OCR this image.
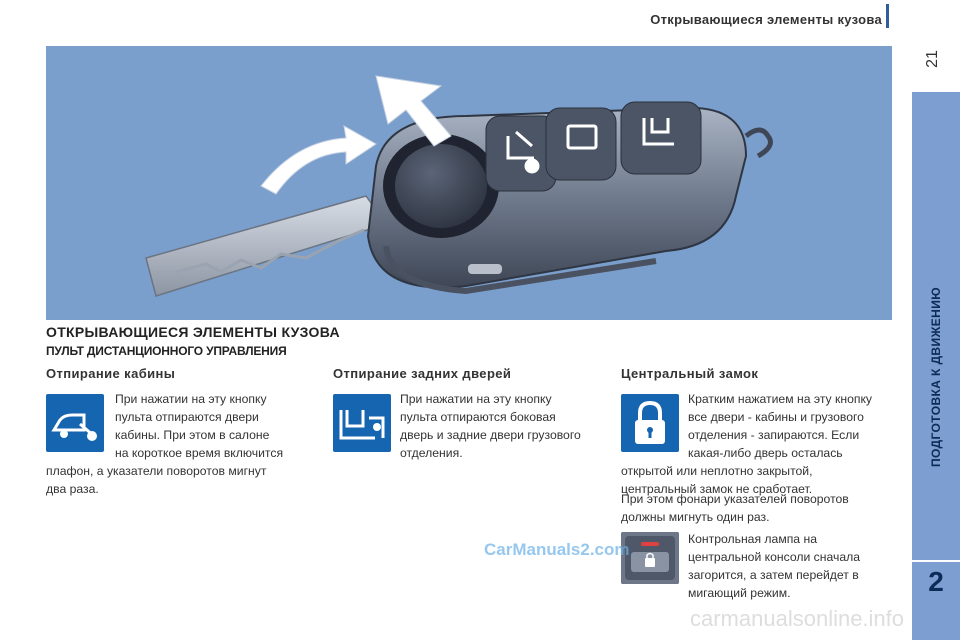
Открывающиеся элементы кузова
21
ПОДГОТОВКА К ДВИЖЕНИЮ
2
ОТКРЫВАЮЩИЕСЯ ЭЛЕМЕНТЫ КУЗОВА
ПУЛЬТ ДИСТАНЦИОННОГО УПРАВЛЕНИЯ
Отпирание кабины
При нажатии на эту кнопку
пульта отпираются двери
кабины. При этом в салоне
на короткое время включится
плафон, а указатели поворотов мигнут
два раза.
Отпирание задних дверей
При нажатии на эту кнопку
пульта отпираются боковая
дверь и задние двери грузового
отделения.
Центральный замок
Кратким нажатием на эту кнопку
все двери - кабины и грузового
отделения - запираются. Если
какая-либо дверь осталась
открытой или неплотно закрытой,
центральный замок не сработает.
При этом фонари указателей поворотов
должны мигнуть один раз.
Контрольная лампа на
центральной консоли сначала
загорится, а затем перейдет в
мигающий режим.
CarManuals2.com
carmanualsonline.info
